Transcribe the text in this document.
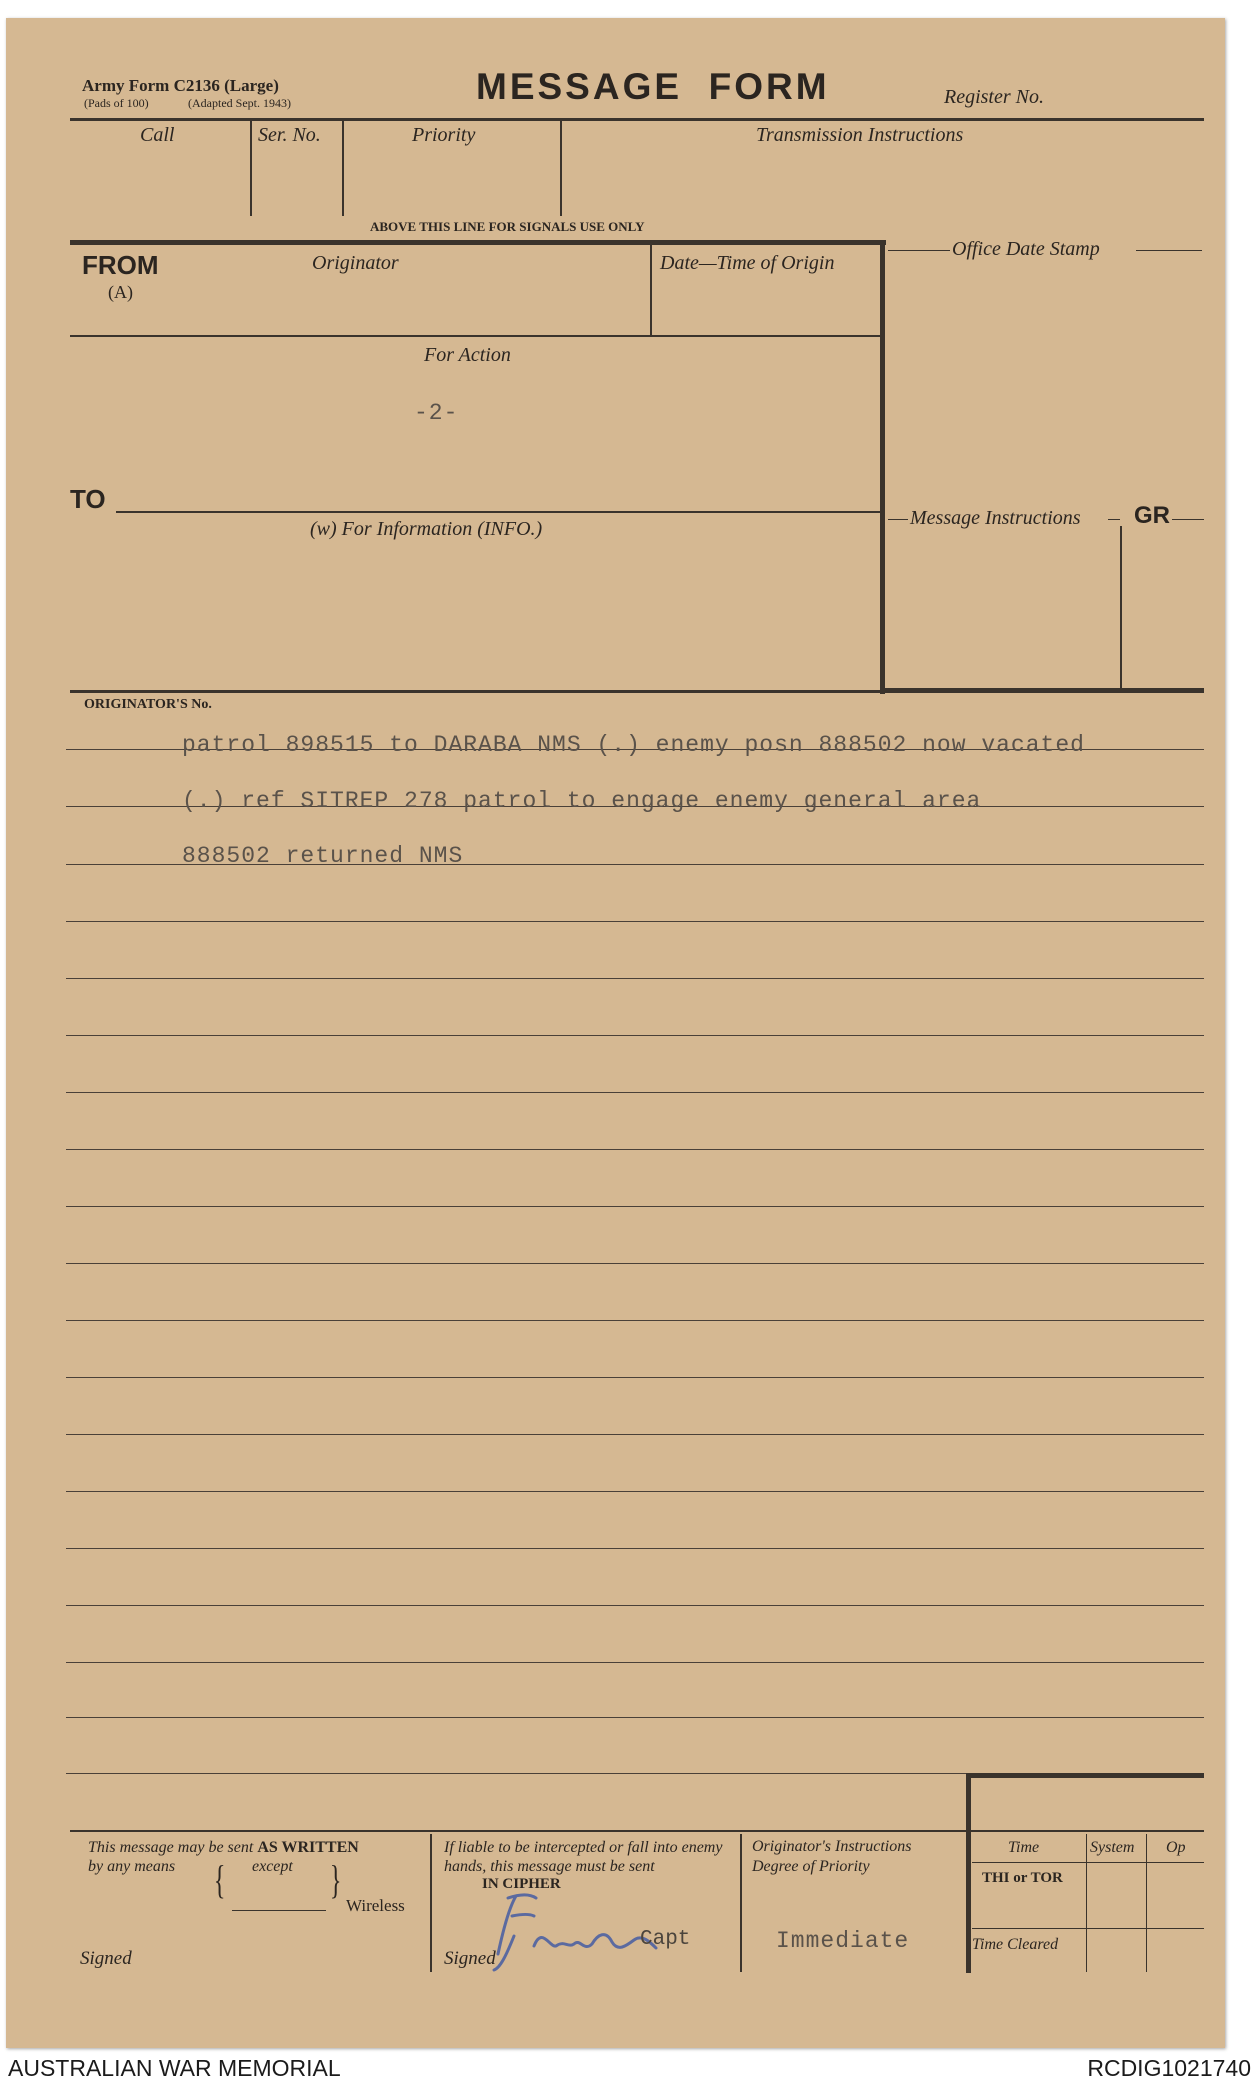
Army Form C2136 (Large)
(Pads of 100)	(Adapted Sept. 1943)	MESSAGE  FORM	Register No.
Call	Ser. No.	Priority	Transmission Instructions
ABOVE THIS LINE FOR SIGNALS USE ONLY
FROM
(A)
Originator	Date—Time of Origin
For Action
-2-
TO
(w) For Information (INFO.)
Office Date Stamp
Message Instructions GR
ORIGINATOR'S No.
patrol 898515 to DARABA NMS (.) enemy posn 888502 now vacated
(.) ref SITREP 278 patrol to engage enemy general area
888502 returned NMS
This message may be sent AS WRITTEN
by any means { except }
Wireless
Signed
If liable to be intercepted or fall into enemy hands, this message must be sent
IN CIPHER
Signed
Capt
Originator's Instructions
Degree of Priority
Immediate
Time	System Op
THI or TOR
Time Cleared
AUSTRALIAN WAR MEMORIAL	RCDIG1021740
